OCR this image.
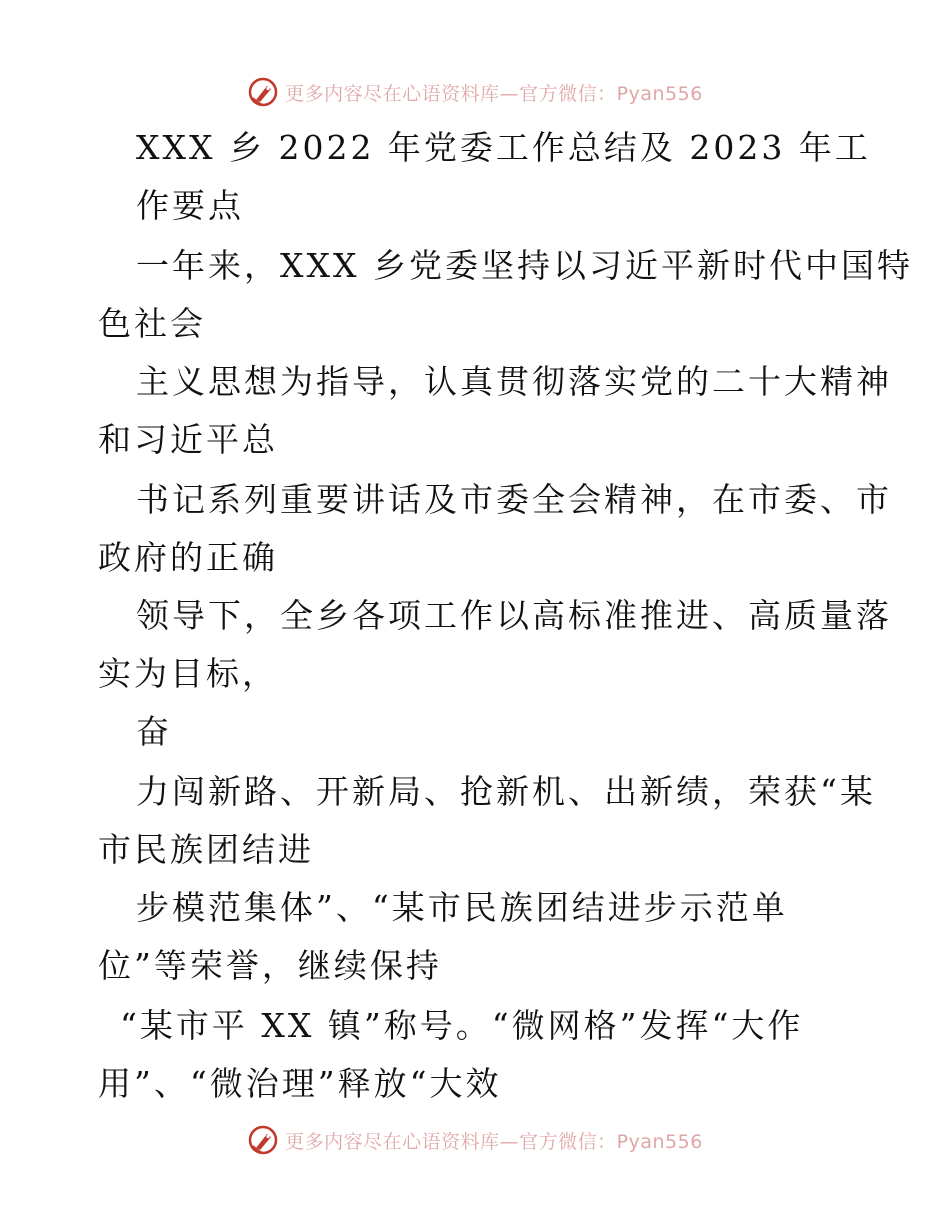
更多内容尽在心语资料库—官方微信：Pyan556
XXX 乡 2022 年党委工作总结及 2023 年工
作要点
一年来，XXX 乡党委坚持以习近平新时代中国特
色社会
主义思想为指导，认真贯彻落实党的二十大精神
和习近平总
书记系列重要讲话及市委全会精神，在市委、市
政府的正确
领导下，全乡各项工作以高标准推进、高质量落
实为目标，
奋
力闯新路、开新局、抢新机、出新绩，荣获“某
市民族团结进
步模范集体”、“某市民族团结进步示范单
位”等荣誉，继续保持
“某市平 XX 镇”称号。“微网格”发挥“大作
用”、“微治理”释放“大效
更多内容尽在心语资料库—官方微信：Pyan556
